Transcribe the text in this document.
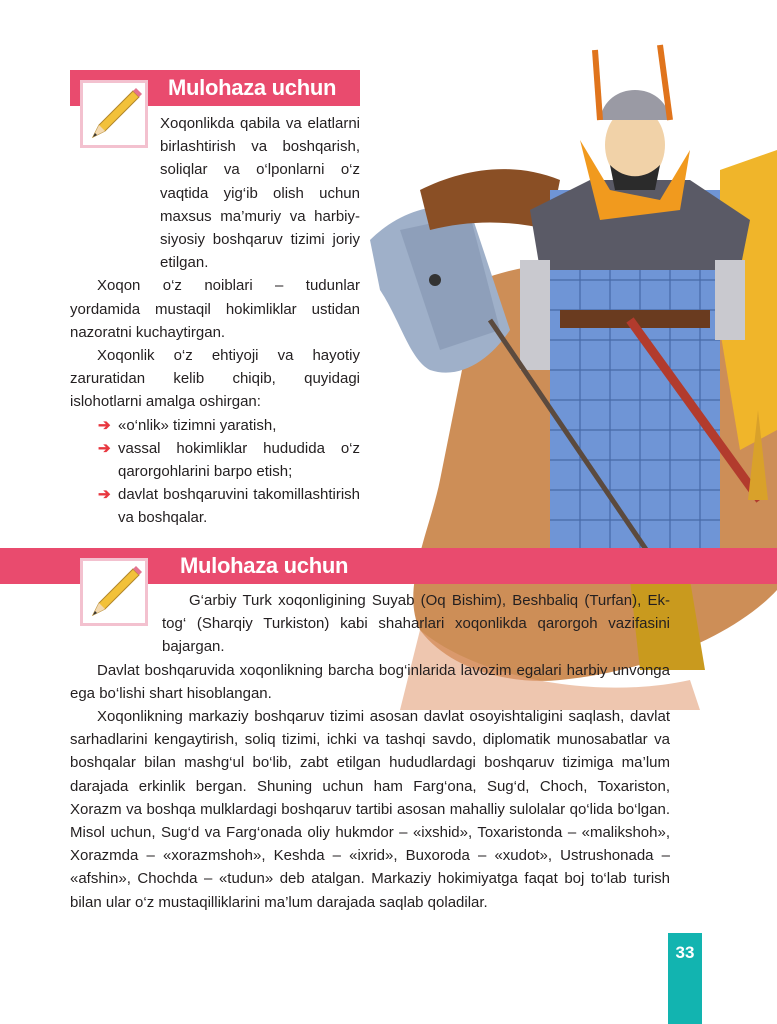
Mulohaza uchun

Xoqonlikda qabila va elatlarni birlashtirish va boshqarish, soliqlar va o‘lponlarni o‘z vaqtida yig‘ib olish uchun maxsus ma’muriy va harbiy-siyosiy boshqaruv tizimi joriy etilgan.

Xoqon o‘z noiblari – tudunlar yordamida mustaqil hokimliklar ustidan nazoratni kuchaytirgan.

Xoqonlik o‘z ehtiyoji va hayotiy zaruratidan kelib chiqib, quyidagi islohotlarni amalga oshirgan:

➔ «o‘nlik» tizimni yaratish,
➔ vassal hokimliklar hududida o‘z qarorgohlarini barpo etish;
➔ davlat boshqaruvini takomillashtirish va boshqalar.
Mulohaza uchun

G‘arbiy Turk xoqonligining Suyab (Oq Bishim), Beshbaliq (Turfan), Ek-tog‘ (Sharqiy Turkiston) kabi shaharlari xoqonlikda qarorgoh vazifasini bajargan.

Davlat boshqaruvida xoqonlikning barcha bog‘inlarida lavozim egalari harbiy unvonga ega bo‘lishi shart hisoblangan.

Xoqonlikning markaziy boshqaruv tizimi asosan davlat osoyishtaligini saqlash, davlat sarhadlarini kengaytirish, soliq tizimi, ichki va tashqi savdo, diplomatik munosabatlar va boshqalar bilan mashg‘ul bo‘lib, zabt etilgan hududlardagi boshqaruv tizimiga ma’lum darajada erkinlik bergan. Shuning uchun ham Farg‘ona, Sug‘d, Choch, Toxariston, Xorazm va boshqa mulklardagi boshqaruv tartibi asosan mahalliy sulolalar qo‘lida bo‘lgan. Misol uchun, Sug‘d va Farg‘onada oliy hukmdor – «ixshid», Toxaristonda – «malikshoh», Xorazmda – «xorazmshoh», Keshda – «ixrid», Buxoroda – «xudot», Ustrushonada – «afshin», Chochda – «tudun» deb atalgan. Markaziy hokimiyatga faqat boj to‘lab turish bilan ular o‘z mustaqilliklarini ma’lum darajada saqlab qoladilar.

33
